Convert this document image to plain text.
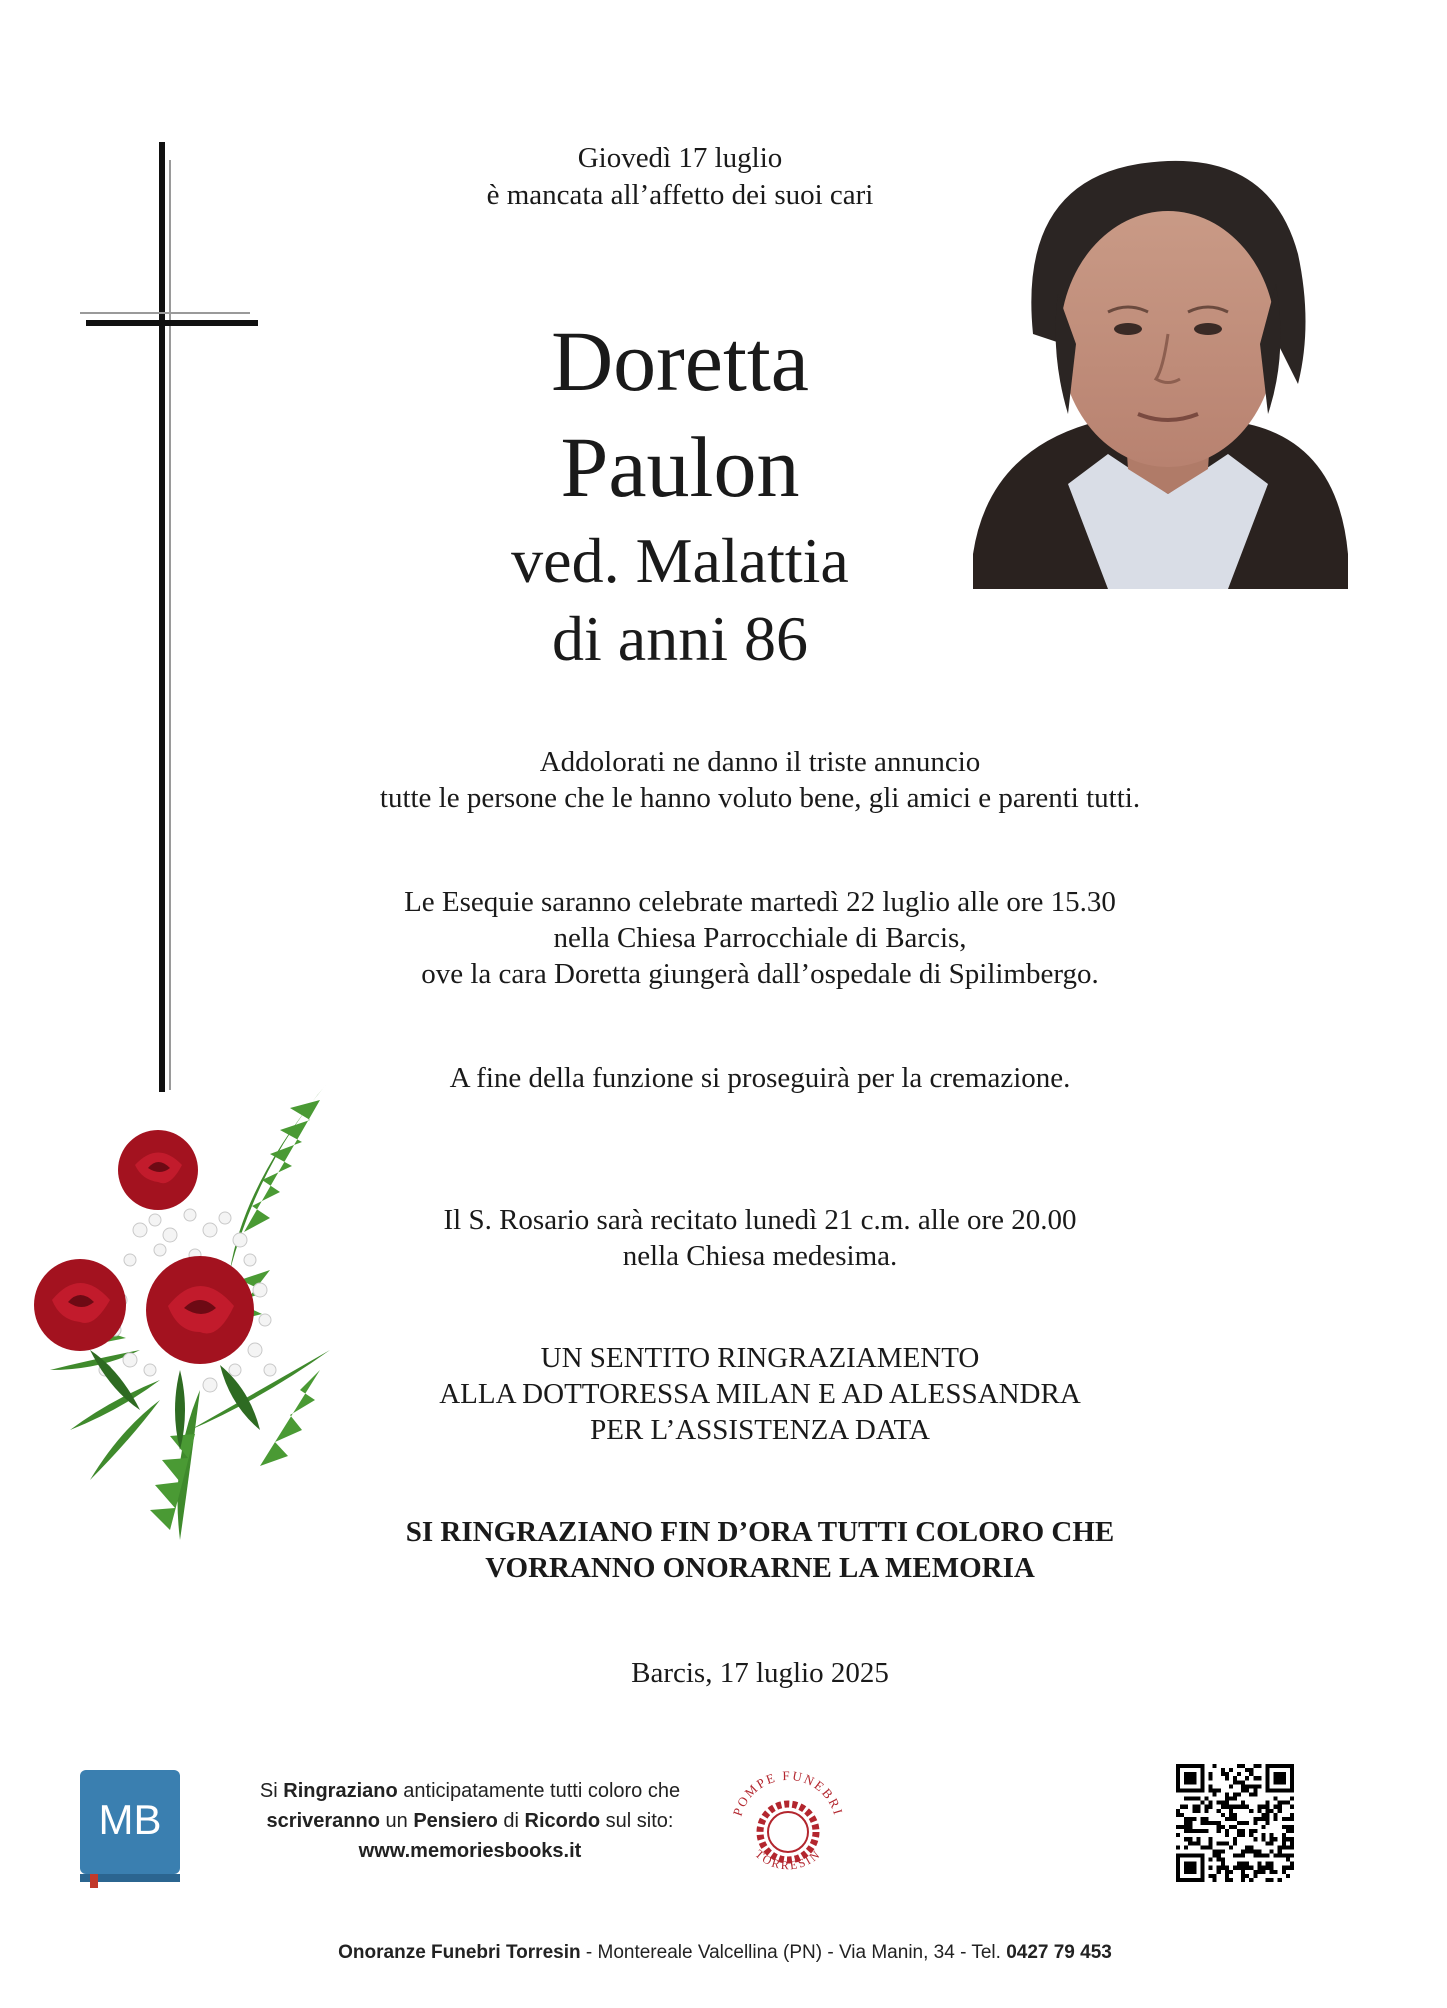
Giovedì 17 luglio
è mancata all’affetto dei suoi cari
Doretta
Paulon
ved. Malattia
di anni 86
Addolorati ne danno il triste annuncio
tutte le persone che le hanno voluto bene, gli amici e parenti tutti.
Le Esequie saranno celebrate martedì 22 luglio alle ore 15.30
nella Chiesa Parrocchiale di Barcis,
ove la cara Doretta giungerà dall’ospedale di Spilimbergo.
A fine della funzione si proseguirà per la cremazione.
Il S. Rosario sarà recitato lunedì 21 c.m. alle ore 20.00
nella Chiesa medesima.
UN SENTITO RINGRAZIAMENTO
ALLA DOTTORESSA MILAN E AD ALESSANDRA
PER L’ASSISTENZA DATA
SI RINGRAZIANO FIN D’ORA TUTTI COLORO CHE
VORRANNO ONORARNE LA MEMORIA
Barcis, 17 luglio 2025
MB
Si Ringraziano anticipatamente tutti coloro che
scriveranno un Pensiero di Ricordo sul sito:
www.memoriesbooks.it
POMPE FUNEBRI
TORRESIN
Onoranze Funebri Torresin - Montereale Valcellina (PN) - Via Manin, 34 - Tel. 0427 79 453
